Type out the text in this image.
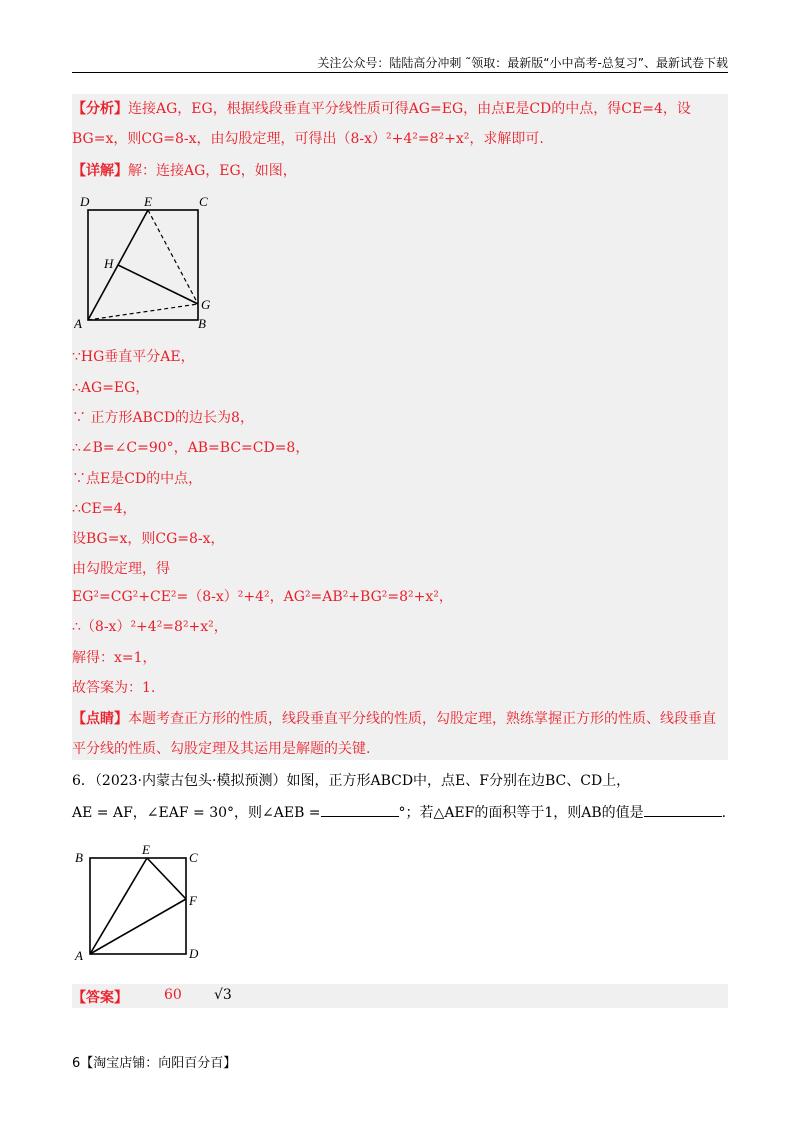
关注公众号：陆陆高分冲刺 ˜领取：最新版“小中高考-总复习”、最新试卷下载
【分析】连接AG，EG，根据线段垂直平分线性质可得AG=EG，由点E是CD的中点，得CE=4，设
BG=x，则CG=8-x，由勾股定理，可得出（8-x）²+4²=8²+x²，求解即可.
【详解】解：连接AG，EG，如图，
D	E	C
H
G
A	B
∵HG垂直平分AE，
∴AG=EG，
∵ 正方形ABCD的边长为8，
∴∠B=∠C=90°，AB=BC=CD=8，
∵点E是CD的中点，
∴CE=4，
设BG=x，则CG=8-x，
由勾股定理，得
EG²=CG²+CE²=（8-x）²+4²，AG²=AB²+BG²=8²+x²，
∴（8-x）²+4²=8²+x²，
解得：x=1，
故答案为：1.
【点睛】本题考查正方形的性质，线段垂直平分线的性质，勾股定理，熟练掌握正方形的性质、线段垂直
平分线的性质、勾股定理及其运用是解题的关键.
6．（2023·内蒙古包头·模拟预测）如图，正方形ABCD中，点E、F分别在边BC、CD上，
AE = AF，∠EAF = 30°，则∠AEB =	°；若△AEF的面积等于1，则AB的值是	.
B
E
C
F
A	D
【答案】	60 √3
6【淘宝店铺：向阳百分百】
